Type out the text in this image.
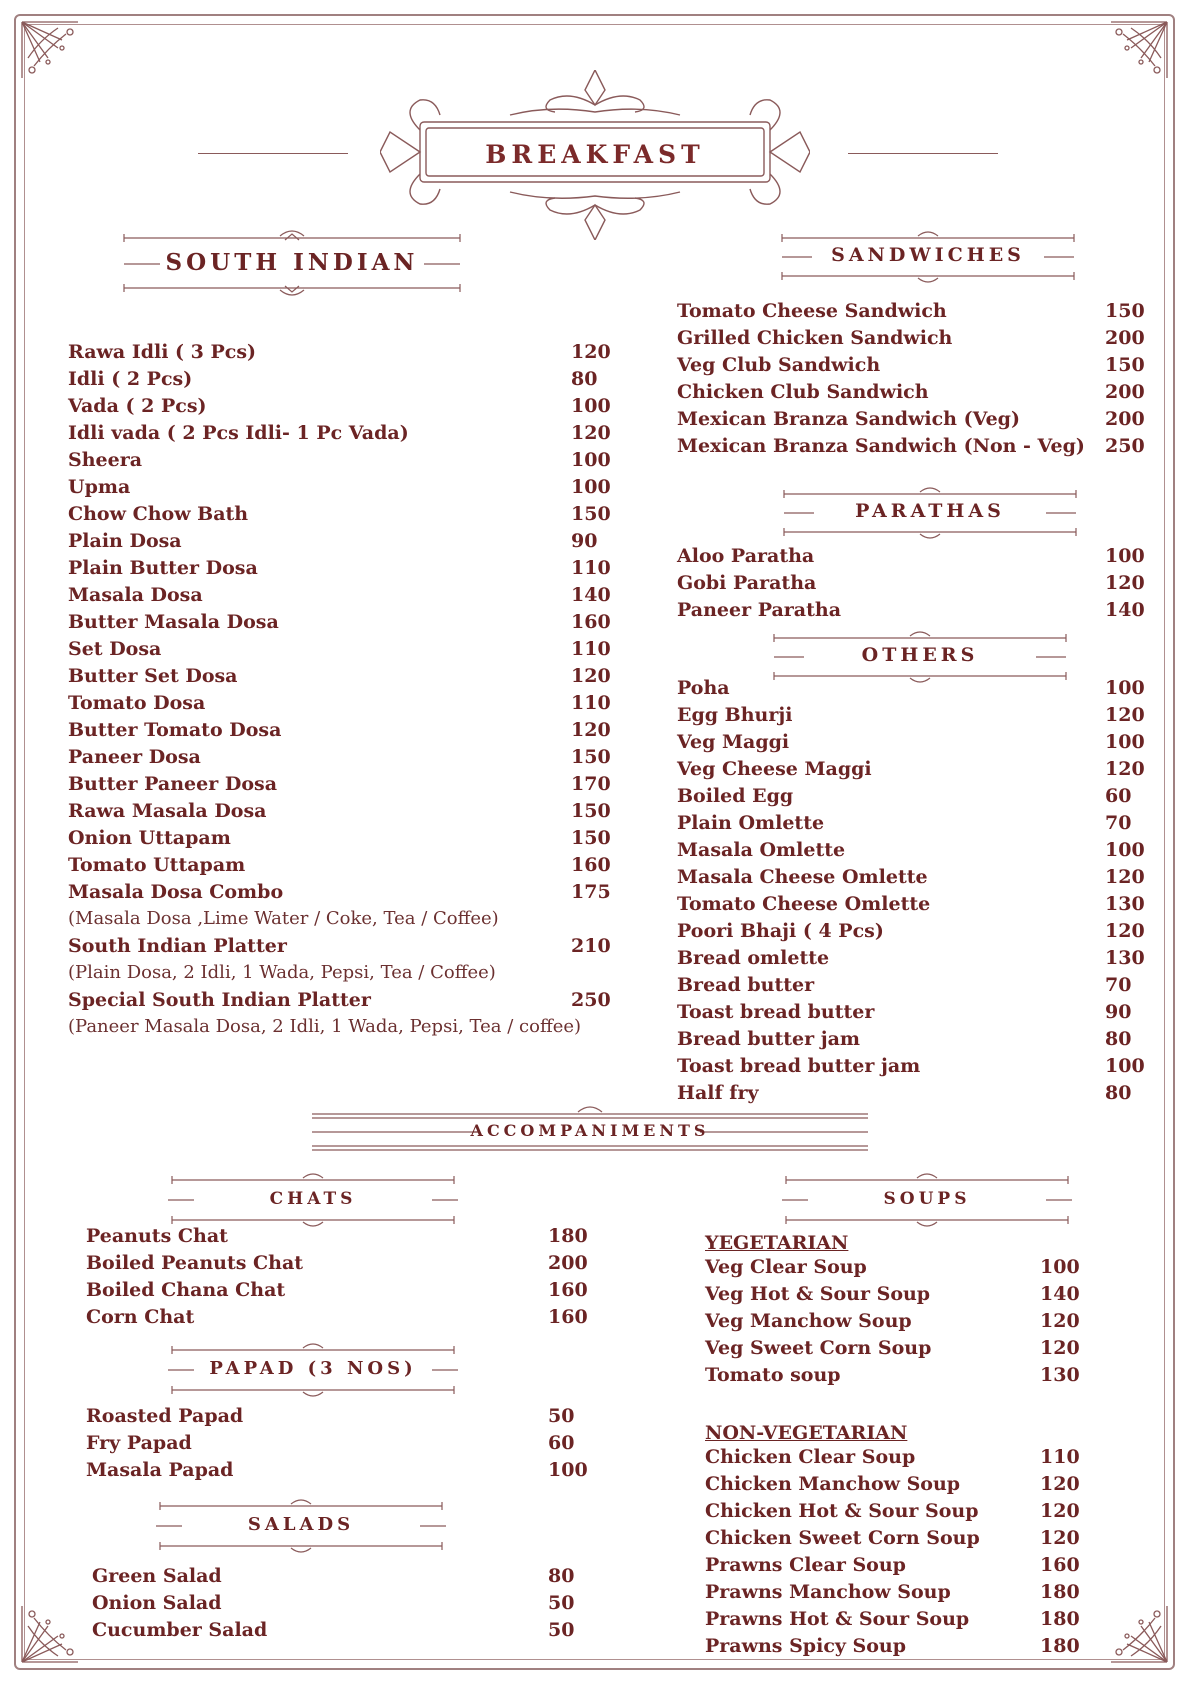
BREAKFAST
SOUTH INDIAN	SANDWICHES
PARATHAS
OTHERS
ACCOMPANIMENTS
CHATS	SOUPS
PAPAD (3 NOS)
SALADS
Rawa Idli ( 3 Pcs)	120
Idli ( 2 Pcs)	80
Vada ( 2 Pcs)	100
Idli vada ( 2 Pcs Idli- 1 Pc Vada)	120
Sheera	100
Upma	100
Chow Chow Bath	150
Plain Dosa	90
Plain Butter Dosa	110
Masala Dosa	140
Butter Masala Dosa	160
Set Dosa	110
Butter Set Dosa	120
Tomato Dosa	110
Butter Tomato Dosa	120
Paneer Dosa	150
Butter Paneer Dosa	170
Rawa Masala Dosa	150
Onion Uttapam	150
Tomato Uttapam	160
Masala Dosa Combo	175
(Masala Dosa ,Lime Water / Coke, Tea / Coffee)
South Indian Platter	210
(Plain Dosa, 2 Idli, 1 Wada, Pepsi, Tea / Coffee)
Special South Indian Platter	250
(Paneer Masala Dosa, 2 Idli, 1 Wada, Pepsi, Tea / coffee)
Tomato Cheese Sandwich	150
Grilled Chicken Sandwich	200
Veg Club Sandwich	150
Chicken Club Sandwich	200
Mexican Branza Sandwich (Veg)	200
Mexican Branza Sandwich (Non - Veg) 250
Aloo Paratha	100
Gobi Paratha	120
Paneer Paratha	140
Poha	100
Egg Bhurji	120
Veg Maggi	100
Veg Cheese Maggi	120
Boiled Egg	60
Plain Omlette	70
Masala Omlette	100
Masala Cheese Omlette	120
Tomato Cheese Omlette	130
Poori Bhaji ( 4 Pcs)	120
Bread omlette	130
Bread butter	70
Toast bread butter	90
Bread butter jam	80
Toast bread butter jam	100
Half fry	80
Peanuts Chat	180
Boiled Peanuts Chat	200
Boiled Chana Chat	160
Corn Chat	160
Roasted Papad	50
Fry Papad	60
Masala Papad	100
Green Salad	80
Onion Salad	50
Cucumber Salad	50
YEGETARIAN
Veg Clear Soup	100
Veg Hot & Sour Soup	140
Veg Manchow Soup	120
Veg Sweet Corn Soup	120
Tomato soup	130
NON-VEGETARIAN
Chicken Clear Soup	110
Chicken Manchow Soup	120
Chicken Hot & Sour Soup	120
Chicken Sweet Corn Soup	120
Prawns Clear Soup	160
Prawns Manchow Soup	180
Prawns Hot & Sour Soup	180
Prawns Spicy Soup	180
